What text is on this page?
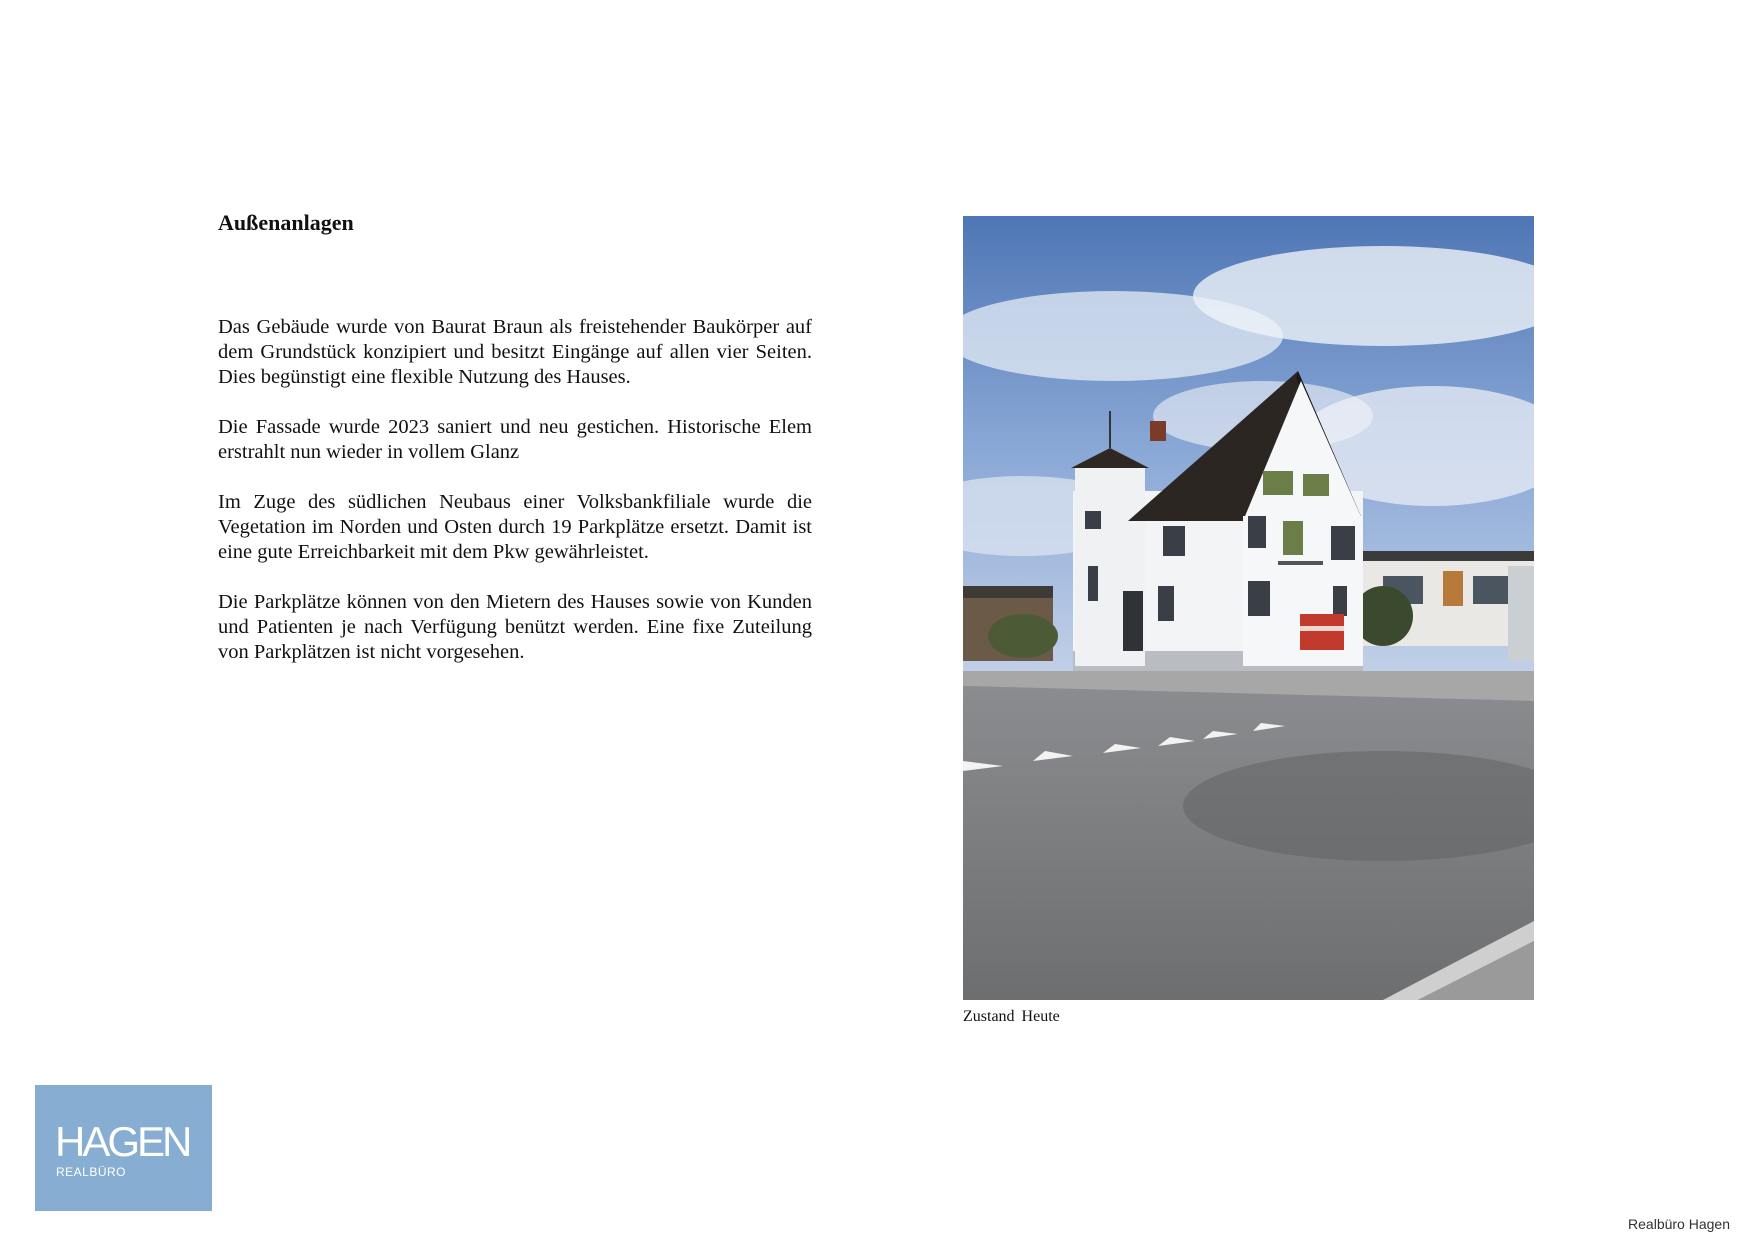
Außenanlagen

Das Gebäude wurde von Baurat Braun als freistehender Baukörper auf dem Grundstück konzipiert und besitzt Eingänge auf allen vier Seiten. Dies begünstigt eine flexible Nutzung des Hauses.

Die Fassade wurde 2023 saniert und neu gestichen. Historische Elem erstrahlt nun wieder in vollem Glanz

Im Zuge des südlichen Neubaus einer Volksbankfiliale wurde die Vegetation im Norden und Osten durch 19 Parkplätze ersetzt. Damit ist eine gute Erreichbarkeit mit dem Pkw gewährleistet.

Die Parkplätze können von den Mietern des Hauses sowie von Kunden und Patienten je nach Verfügung benützt werden. Eine fixe Zuteilung von Parkplätzen ist nicht vorgesehen.

Zustand Heute
HAGEN
REALBÜRO
Realbüro Hagen
